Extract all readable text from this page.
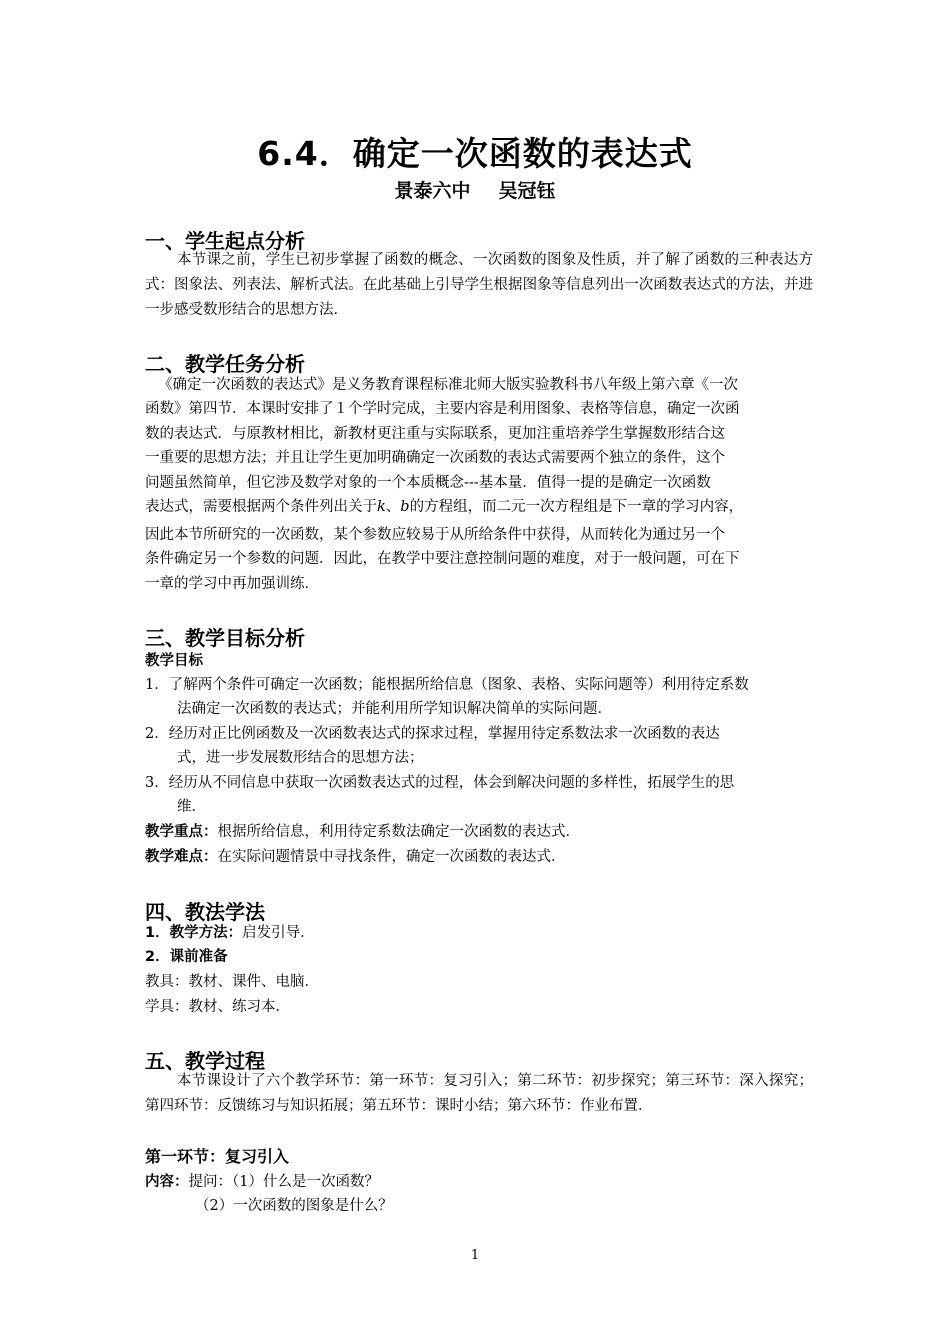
6.4．确定一次函数的表达式
景泰六中 吴冠钰
一、学生起点分析
本节课之前，学生已初步掌握了函数的概念、一次函数的图象及性质，并了解了函数的三种表达方式：图象法、列表法、解析式法。在此基础上引导学生根据图象等信息列出一次函数表达式的方法，并进一步感受数形结合的思想方法．
二、教学任务分析
《确定一次函数的表达式》是义务教育课程标准北师大版实验教科书八年级上第六章《一次
函数》第四节．本课时安排了１个学时完成，主要内容是利用图象、表格等信息，确定一次函
数的表达式．与原教材相比，新教材更注重与实际联系，更加注重培养学生掌握数形结合这
一重要的思想方法；并且让学生更加明确确定一次函数的表达式需要两个独立的条件，这个
问题虽然简单，但它涉及数学对象的一个本质概念---基本量．值得一提的是确定一次函数
表达式，需要根据两个条件列出关于k、b的方程组，而二元一次方程组是下一章的学习内容，
因此本节所研究的一次函数，某个参数应较易于从所给条件中获得，从而转化为通过另一个
条件确定另一个参数的问题．因此，在教学中要注意控制问题的难度，对于一般问题，可在下
一章的学习中再加强训练．
三、教学目标分析
教学目标
1．了解两个条件可确定一次函数；能根据所给信息（图象、表格、实际问题等）利用待定系数
法确定一次函数的表达式；并能利用所学知识解决简单的实际问题．
2．经历对正比例函数及一次函数表达式的探求过程，掌握用待定系数法求一次函数的表达
式，进一步发展数形结合的思想方法；
3．经历从不同信息中获取一次函数表达式的过程，体会到解决问题的多样性，拓展学生的思
维．
教学重点：根据所给信息，利用待定系数法确定一次函数的表达式．
教学难点：在实际问题情景中寻找条件，确定一次函数的表达式．
四、教法学法
1．教学方法：启发引导．
2．课前准备
教具：教材、课件、电脑．
学具：教材、练习本．
五、教学过程
本节课设计了六个教学环节：第一环节：复习引入；第二环节：初步探究；第三环节：深入探究；第四环节：反馈练习与知识拓展；第五环节：课时小结；第六环节：作业布置．
第一环节：复习引入
内容：提问：（1）什么是一次函数？
（2）一次函数的图象是什么？
1
